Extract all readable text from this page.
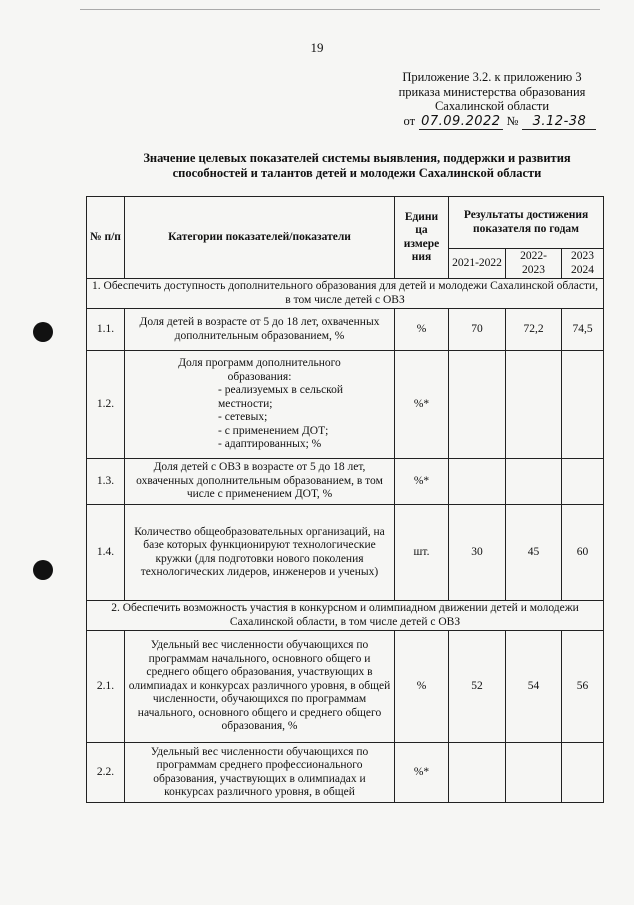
19
Приложение 3.2. к приложению 3
приказа министерства образования
Сахалинской области
от 07.09.2022 №	3.12-38
Значение целевых показателей системы выявления, поддержки и развития
способностей и талантов детей и молодежи Сахалинской области
№ п/п	Категории показателей/показатели	Едини ца измере ния	Результаты достижения показателя по годам		
			2021-2022	2022-2023	2023 2024
1. Обеспечить доступность дополнительного образования для детей и молодежи Сахалинской области, в том числе детей с ОВЗ					
1.1.	Доля детей в возрасте от 5 до 18 лет, охваченных дополнительным образованием, %	%	70	72,2	74,5
1.2.	Доля программ дополнительного образования:
- реализуемых в сельской местности;
- сетевых;
- с применением ДОТ;
- адаптированных; %	%*			
1.3.	Доля детей с ОВЗ в возрасте от 5 до 18 лет, охваченных дополнительным образованием, в том числе с применением ДОТ, %	%*			
1.4.	Количество общеобразовательных организаций, на базе которых функционируют технологические кружки (для подготовки нового поколения технологических лидеров, инженеров и ученых)	шт.	30	45	60
2. Обеспечить возможность участия в конкурсном и олимпиадном движении детей и молодежи Сахалинской области, в том числе детей с ОВЗ					
2.1.	Удельный вес численности обучающихся по программам начального, основного общего и среднего общего образования, участвующих в олимпиадах и конкурсах различного уровня, в общей численности, обучающихся по программам начального, основного общего и среднего общего образования, %	%	52	54	56
2.2.	Удельный вес численности обучающихся по программам среднего профессионального образования, участвующих в олимпиадах и конкурсах различного уровня, в общей	%*			
